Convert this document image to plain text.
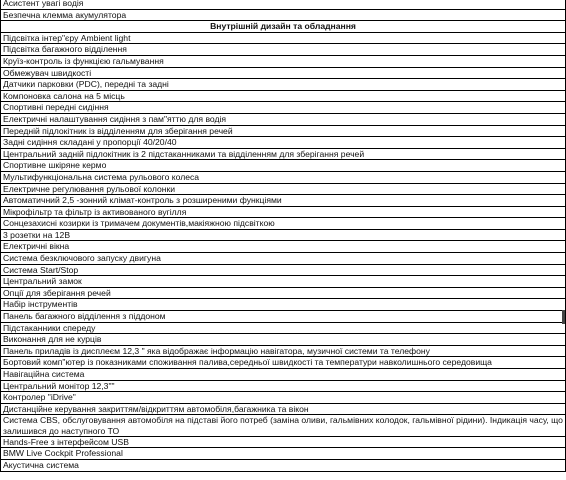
Асистент увагі водія
Безпечна клемма акумулятора
Внутрішній дизайн та обладнання
Підсвітка інтер"єру Ambient light
Підсвітка багажного відділення
Круїз-контроль із функцією гальмування
Обмежувач швидкості
Датчики парковки (PDC), передні та задні
Компоновка салона на 5 місць
Спортивні передні сидіння
Електричні налаштування сидіння з пам"яттю для водія
Передній підлокітник із відділенням для зберігання речей
Задні сидіння складані у пропорції 40/20/40
Центральний задній підлокітник із 2 підстаканниками та відділенням для зберігання речей
Спортивне шкіряне кермо
Мультифункціональна система рульового колеса
Електричне регулювання рульової колонки
Автоматичний 2,5 -зонний клімат-контроль з розширеними функціями
Мікрофільтр та фільтр із активованого вугілля
Сонцезахисні козирки із тримачем документів,макіяжною підсвіткою
3 розетки на 12В
Електричні вікна
Система безключового запуску двигуна
Система Start/Stop
Центральний замок
Опції для зберігання речей
Набір інструментів
Панель багажного відділення з піддоном
Підстаканники спереду
Виконання для не курців
Панель приладів із дисплеєм 12,3 " яка відображає інформацію навігатора, музичної системи та телефону
Бортовий комп"ютер із показниками споживання палива,середньої швидкості та температури навколишнього середовища
Навігаційна система
Центральний монітор 12,3""
Контролер "iDrive"
Дистанційне керування закриттям/відкриттям автомобіля,багажника та вікон
Система CBS, обслуговування автомобіля на підставі його потреб (заміна оливи, гальмівних колодок, гальмівної рідини). Індикація часу, що залишився до наступного ТО
Hands-Free з інтерфейсом USB
BMW Live Cockpit Professional
Акустична система
